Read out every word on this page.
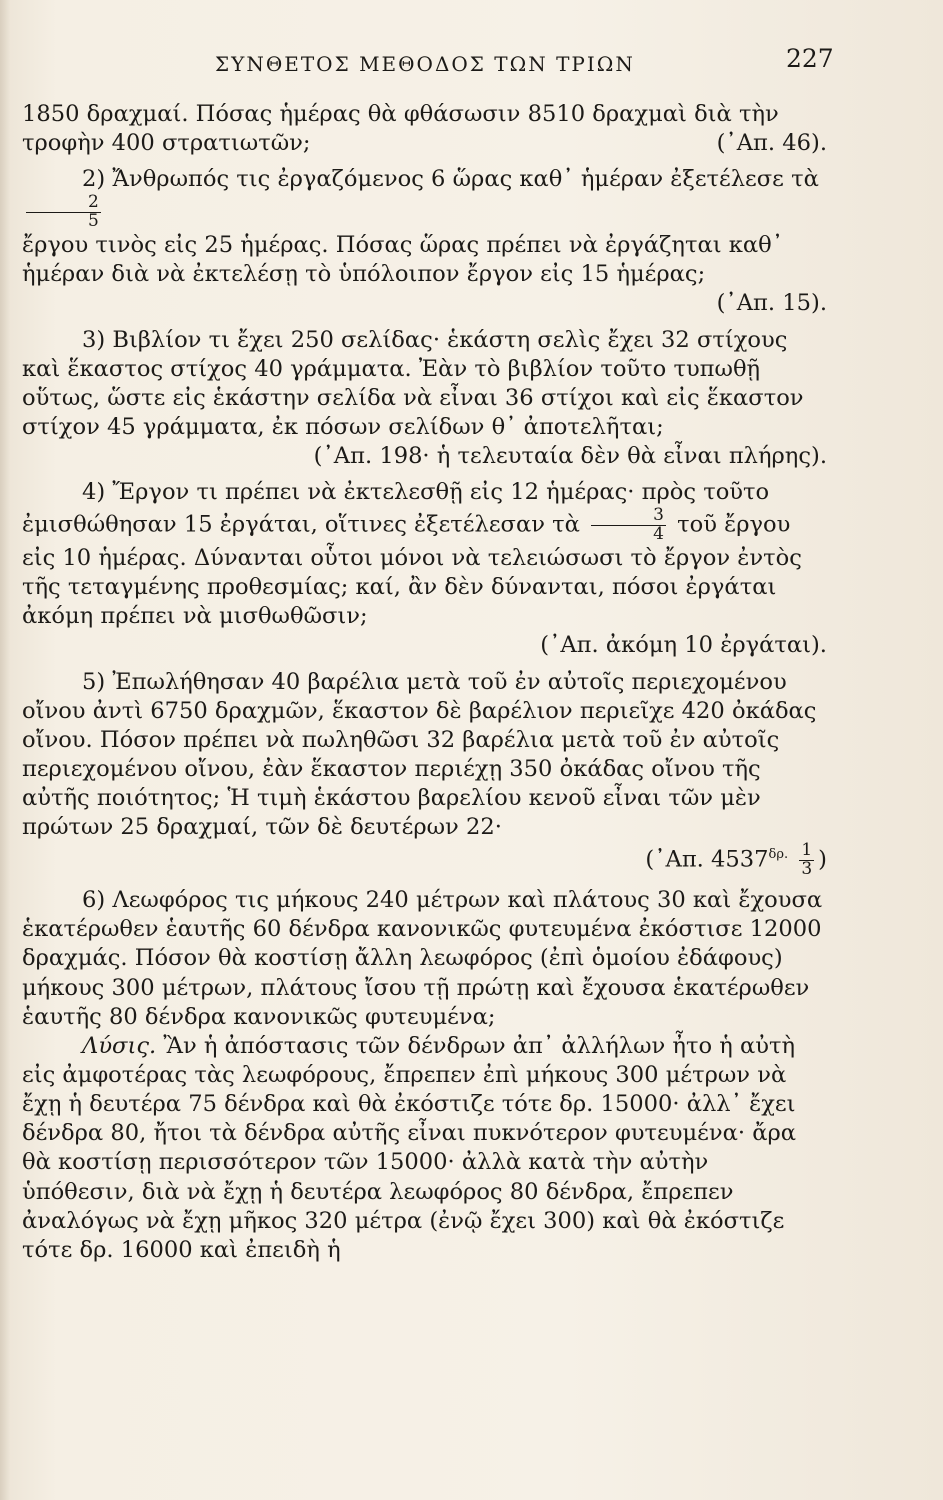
ΣΥΝΘΕΤΟΣ ΜΕΘΟΔΟΣ ΤΩΝ ΤΡΙΩΝ	227

1850 δραχμαί. Πόσας ἡμέρας θὰ φθάσωσιν 8510 δραχμαὶ διὰ τὴν

τροφὴν 400 στρατιωτῶν;	(᾿Απ. 46).

2) Ἄνθρωπός τις ἐργαζόμενος 6 ὥρας καθ᾿ ἡμέραν ἐξετέλεσε τὰ
$\frac{2}{5}$

ἔργου τινὸς εἰς 25 ἡμέρας. Πόσας ὥρας πρέπει νὰ ἐργάζηται καθ᾿ ἡμέραν διὰ νὰ ἐκτελέσῃ τὸ ὑπόλοιπον ἔργον εἰς 15 ἡμέρας;

(᾿Απ. 15).

3) Βιβλίον τι ἔχει 250 σελίδας· ἑκάστη σελὶς ἔχει 32 στίχους καὶ ἕκαστος στίχος 40 γράμματα. Ἐὰν τὸ βιβλίον τοῦτο τυπωθῇ οὕτως, ὥστε εἰς ἑκάστην σελίδα νὰ εἶναι 36 στίχοι καὶ εἰς ἕκαστον στίχον 45 γράμματα, ἐκ πόσων σελίδων θ᾿ ἀποτελῆται;

(᾿Απ. 198· ἡ τελευταία δὲν θὰ εἶναι πλήρης).

4) Ἔργον τι πρέπει νὰ ἐκτελεσθῇ εἰς 12 ἡμέρας· πρὸς τοῦτο ἐμισθώθησαν 15 ἐργάται, οἵτινες ἐξετέλεσαν τὰ $\frac{3}{4}$ τοῦ ἔργου εἰς 10 ἡμέρας. Δύνανται οὗτοι μόνοι νὰ τελειώσωσι τὸ ἔργον ἐντὸς τῆς τεταγμένης προθεσμίας; καί, ἂν δὲν δύνανται, πόσοι ἐργάται ἀκόμη πρέπει νὰ μισθωθῶσιν;

(᾿Απ. ἀκόμη 10 ἐργάται).

5) Ἐπωλήθησαν 40 βαρέλια μετὰ τοῦ ἐν αὐτοῖς περιεχομένου οἴνου ἀντὶ 6750 δραχμῶν, ἕκαστον δὲ βαρέλιον περιεῖχε 420 ὀκάδας οἴνου. Πόσον πρέπει νὰ πωληθῶσι 32 βαρέλια μετὰ τοῦ ἐν αὐτοῖς περιεχομένου οἴνου, ἐὰν ἕκαστον περιέχῃ 350 ὀκάδας οἴνου τῆς αὐτῆς ποιότητος; Ἡ τιμὴ ἑκάστου βαρελίου κενοῦ εἶναι τῶν μὲν πρώτων 25 δραχμαί, τῶν δὲ δευτέρων 22·

(᾿Απ. $4537^{\delta\rho.} \frac{1}{3}$ )

6) Λεωφόρος τις μήκους 240 μέτρων καὶ πλάτους 30 καὶ ἔχουσα ἑκατέρωθεν ἑαυτῆς 60 δένδρα κανονικῶς φυτευμένα ἐκόστισε 12000 δραχμάς. Πόσον θὰ κοστίσῃ ἄλλη λεωφόρος (ἐπὶ ὁμοίου ἐδάφους) μήκους 300 μέτρων, πλάτους ἴσου τῇ πρώτῃ καὶ ἔχουσα ἑκατέρωθεν ἑαυτῆς 80 δένδρα κανονικῶς φυτευμένα;

Λύσις. Ἂν ἡ ἀπόστασις τῶν δένδρων ἀπ᾿ ἀλλήλων ἦτο ἡ αὐτὴ εἰς ἀμφοτέρας τὰς λεωφόρους, ἔπρεπεν ἐπὶ μήκους 300 μέτρων νὰ ἔχῃ ἡ δευτέρα 75 δένδρα καὶ θὰ ἐκόστιζε τότε δρ. 15000· ἀλλ᾿ ἔχει δένδρα 80, ἤτοι τὰ δένδρα αὐτῆς εἶναι πυκνότερον φυτευμένα· ἄρα θὰ κοστίσῃ περισσότερον τῶν 15000· ἀλλὰ κατὰ τὴν αὐτὴν ὑπόθεσιν, διὰ νὰ ἔχῃ ἡ δευτέρα λεωφόρος 80 δένδρα, ἔπρεπεν ἀναλόγως νὰ ἔχῃ μῆκος 320 μέτρα (ἐνῷ ἔχει 300) καὶ θὰ ἐκόστιζε τότε δρ. 16000 καὶ ἐπειδὴ ἡ
